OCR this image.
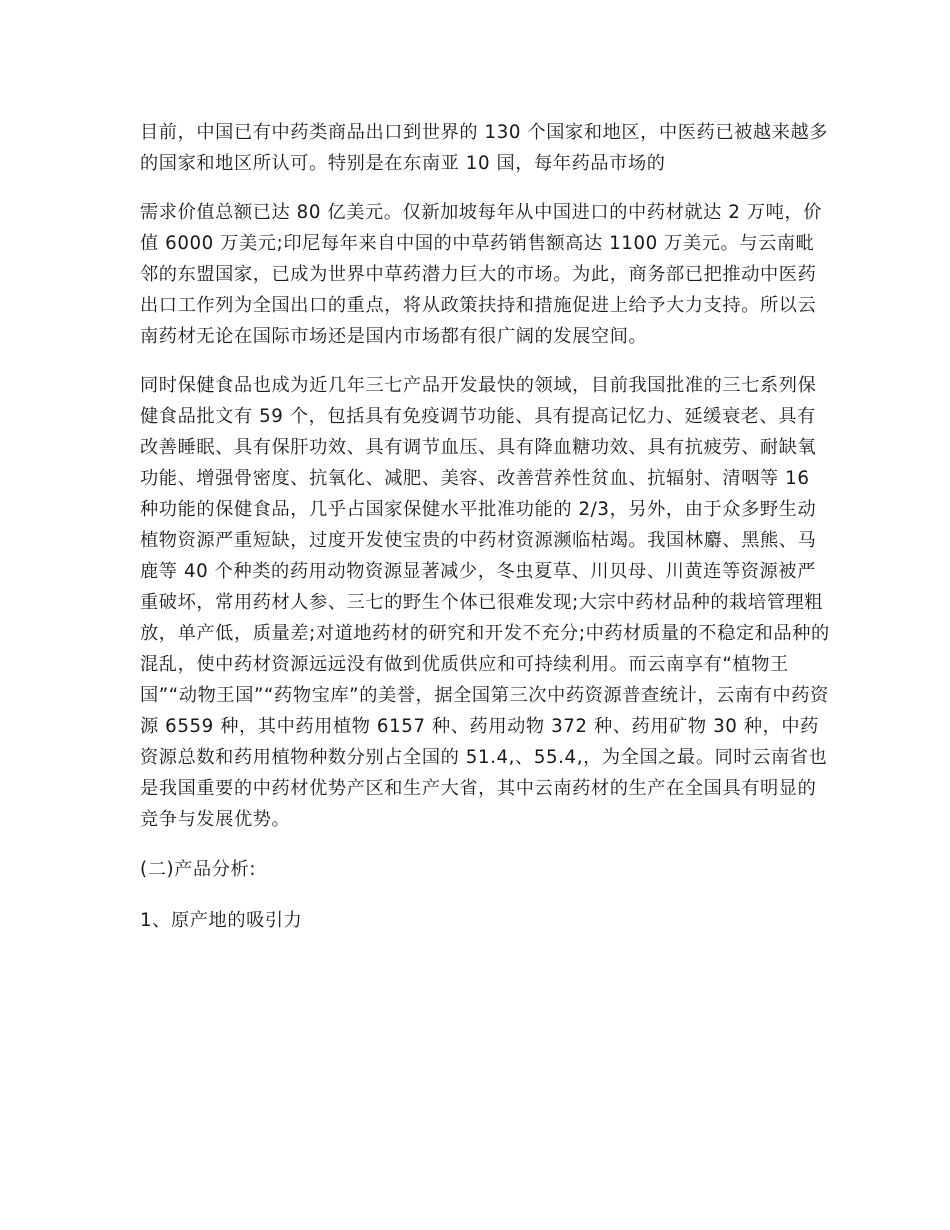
目前，中国已有中药类商品出口到世界的 130 个国家和地区，中医药已被越来越多的国家和地区所认可。特别是在东南亚 10 国，每年药品市场的

需求价值总额已达 80 亿美元。仅新加坡每年从中国进口的中药材就达 2 万吨，价值 6000 万美元;印尼每年来自中国的中草药销售额高达 1100 万美元。与云南毗邻的东盟国家，已成为世界中草药潜力巨大的市场。为此，商务部已把推动中医药出口工作列为全国出口的重点，将从政策扶持和措施促进上给予大力支持。所以云南药材无论在国际市场还是国内市场都有很广阔的发展空间。

同时保健食品也成为近几年三七产品开发最快的领域，目前我国批准的三七系列保健食品批文有 59 个，包括具有免疫调节功能、具有提高记忆力、延缓衰老、具有改善睡眠、具有保肝功效、具有调节血压、具有降血糖功效、具有抗疲劳、耐缺氧功能、增强骨密度、抗氧化、减肥、美容、改善营养性贫血、抗辐射、清咽等 16 种功能的保健食品，几乎占国家保健水平批准功能的 2/3，另外，由于众多野生动植物资源严重短缺，过度开发使宝贵的中药材资源濒临枯竭。我国林麝、黑熊、马鹿等 40 个种类的药用动物资源显著减少，冬虫夏草、川贝母、川黄连等资源被严重破坏，常用药材人参、三七的野生个体已很难发现;大宗中药材品种的栽培管理粗放，单产低，质量差;对道地药材的研究和开发不充分;中药材质量的不稳定和品种的混乱，使中药材资源远远没有做到优质供应和可持续利用。而云南享有“植物王国”“动物王国”“药物宝库”的美誉，据全国第三次中药资源普查统计，云南有中药资源 6559 种，其中药用植物 6157 种、药用动物 372 种、药用矿物 30 种，中药资源总数和药用植物种数分别占全国的 51.4,、55.4,，为全国之最。同时云南省也是我国重要的中药材优势产区和生产大省，其中云南药材的生产在全国具有明显的竞争与发展优势。

(二)产品分析:

1、原产地的吸引力
